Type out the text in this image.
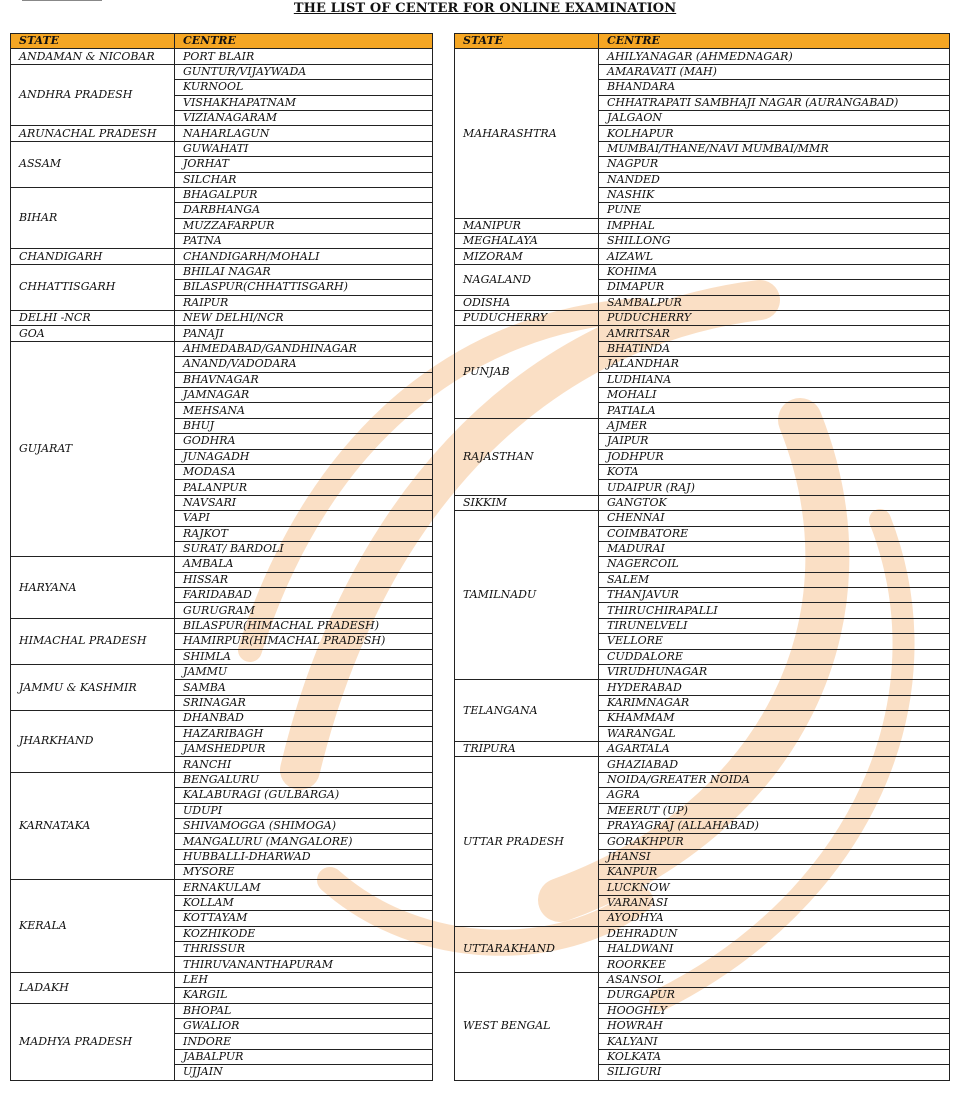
THE LIST OF CENTER FOR ONLINE EXAMINATION
STATE	CENTRE
ANDAMAN & NICOBAR	PORT BLAIR
ANDHRA PRADESH	GUNTUR/VIJAYWADA
	KURNOOL
	VISHAKHAPATNAM
	VIZIANAGARAM
ARUNACHAL PRADESH	NAHARLAGUN
ASSAM	GUWAHATI
	JORHAT
	SILCHAR
BIHAR	BHAGALPUR
	DARBHANGA
	MUZZAFARPUR
	PATNA
CHANDIGARH	CHANDIGARH/MOHALI
CHHATTISGARH	BHILAI NAGAR
	BILASPUR(CHHATTISGARH)
	RAIPUR
DELHI -NCR	NEW DELHI/NCR
GOA	PANAJI
GUJARAT	AHMEDABAD/GANDHINAGAR
	ANAND/VADODARA
	BHAVNAGAR
	JAMNAGAR
	MEHSANA
	BHUJ
	GODHRA
	JUNAGADH
	MODASA
	PALANPUR
	NAVSARI
	VAPI
	RAJKOT
	SURAT/ BARDOLI
HARYANA	AMBALA
	HISSAR
	FARIDABAD
	GURUGRAM
HIMACHAL PRADESH	BILASPUR(HIMACHAL PRADESH)
	HAMIRPUR(HIMACHAL PRADESH)
	SHIMLA
JAMMU & KASHMIR	JAMMU
	SAMBA
	SRINAGAR
JHARKHAND	DHANBAD
	HAZARIBAGH
	JAMSHEDPUR
	RANCHI
KARNATAKA	BENGALURU
	KALABURAGI (GULBARGA)
	UDUPI
	SHIVAMOGGA (SHIMOGA)
	MANGALURU (MANGALORE)
	HUBBALLI-DHARWAD
	MYSORE
KERALA	ERNAKULAM
	KOLLAM
	KOTTAYAM
	KOZHIKODE
	THRISSUR
	THIRUVANANTHAPURAM
LADAKH	LEH
	KARGIL
MADHYA PRADESH	BHOPAL
	GWALIOR
	INDORE
	JABALPUR
	UJJAIN
STATE	CENTRE
MAHARASHTRA	AHILYANAGAR (AHMEDNAGAR)
	AMARAVATI (MAH)
	BHANDARA
	CHHATRAPATI SAMBHAJI NAGAR (AURANGABAD)
	JALGAON
	KOLHAPUR
	MUMBAI/THANE/NAVI MUMBAI/MMR
	NAGPUR
	NANDED
	NASHIK
	PUNE
MANIPUR	IMPHAL
MEGHALAYA	SHILLONG
MIZORAM	AIZAWL
NAGALAND	KOHIMA
	DIMAPUR
ODISHA	SAMBALPUR
PUDUCHERRY	PUDUCHERRY
PUNJAB	AMRITSAR
	BHATINDA
	JALANDHAR
	LUDHIANA
	MOHALI
	PATIALA
RAJASTHAN	AJMER
	JAIPUR
	JODHPUR
	KOTA
	UDAIPUR (RAJ)
SIKKIM	GANGTOK
TAMILNADU	CHENNAI
	COIMBATORE
	MADURAI
	NAGERCOIL
	SALEM
	THANJAVUR
	THIRUCHIRAPALLI
	TIRUNELVELI
	VELLORE
	CUDDALORE
	VIRUDHUNAGAR
TELANGANA	HYDERABAD
	KARIMNAGAR
	KHAMMAM
	WARANGAL
TRIPURA	AGARTALA
UTTAR PRADESH	GHAZIABAD
	NOIDA/GREATER NOIDA
	AGRA
	MEERUT (UP)
	PRAYAGRAJ (ALLAHABAD)
	GORAKHPUR
	JHANSI
	KANPUR
	LUCKNOW
	VARANASI
	AYODHYA
UTTARAKHAND	DEHRADUN
	HALDWANI
	ROORKEE
WEST BENGAL	ASANSOL
	DURGAPUR
	HOOGHLY
	HOWRAH
	KALYANI
	KOLKATA
	SILIGURI
